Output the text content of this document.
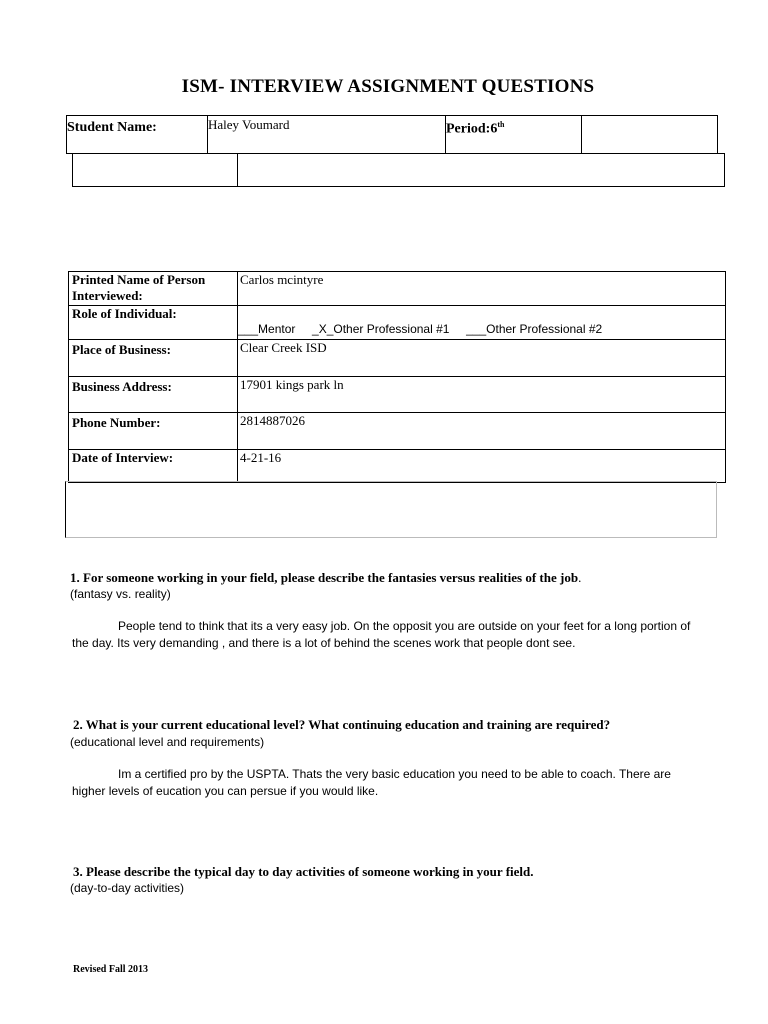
ISM- INTERVIEW ASSIGNMENT QUESTIONS
Student Name:	Haley Voumard	Period:6th
Printed Name of Person Interviewed:
Carlos mcintyre
Role of Individual:
___Mentor     _X_Other Professional #1     ___Other Professional #2
Place of Business:	Clear Creek ISD
Business Address:	17901 kings park ln
Phone Number:	2814887026
Date of Interview:	4-21-16
1. For someone working in your field, please describe the fantasies versus realities of the job.
(fantasy vs. reality)
People tend to think that its a very easy job. On the opposit you are outside on your feet for a long portion of the day. Its very demanding , and there is a lot of behind the scenes work that people dont see.
2. What is your current educational level? What continuing education and training are required?
(educational level and requirements)
Im a certified pro by the USPTA. Thats the very basic education you need to be able to coach. There are higher levels of eucation you can persue if you would like.
3. Please describe the typical day to day activities of someone working in your field.
(day-to-day activities)
Revised Fall 2013
